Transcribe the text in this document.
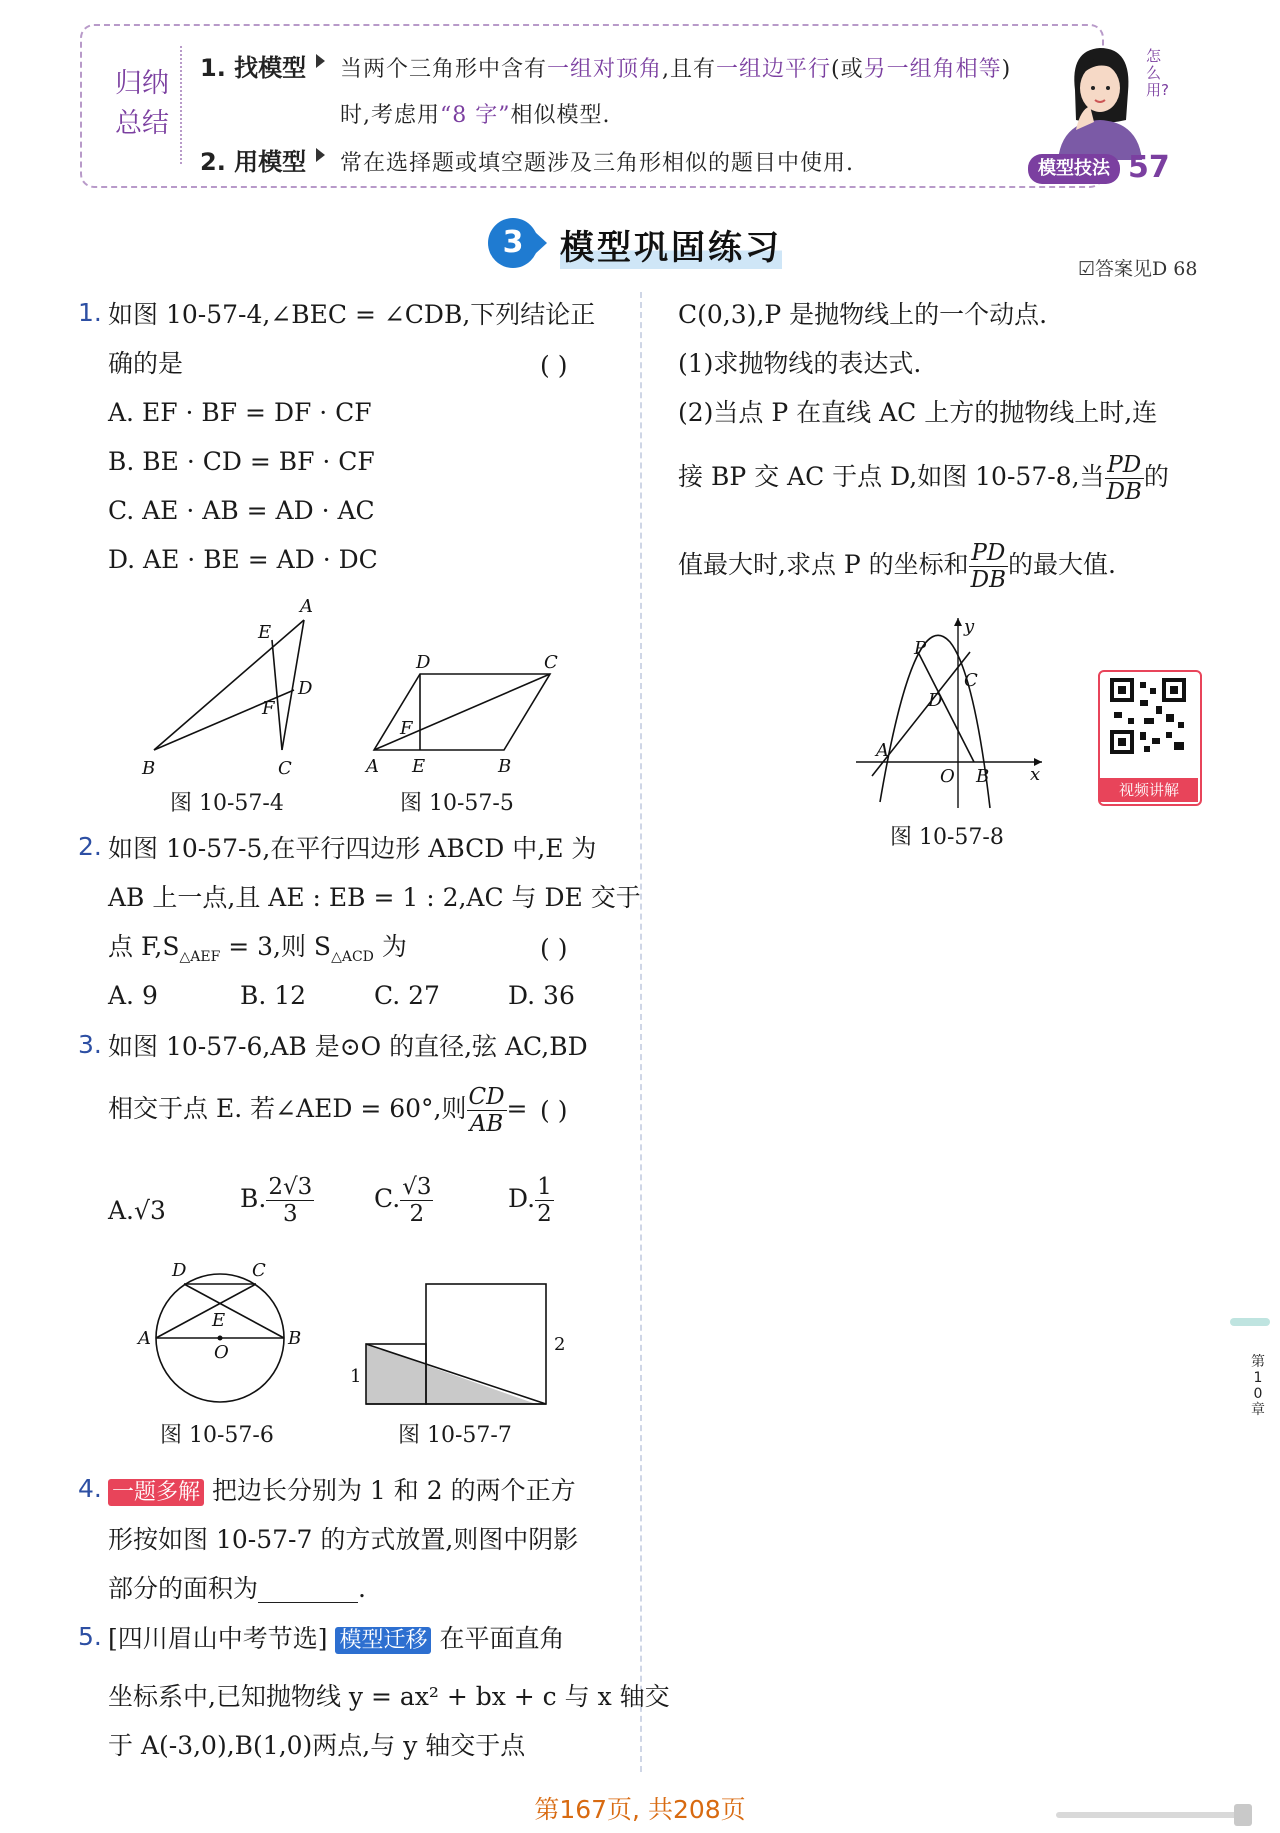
归纳
总结
1. 找模型 当两个三角形中含有一组对顶角,且有一组边平行(或另一组角相等)
时,考虑用“8 字”相似模型.
2. 用模型 常在选择题或填空题涉及三角形相似的题目中使用.
怎么用?
模型技法 57
3	模型巩固练习
☑答案见D 68
1. 如图 10-57-4,∠BEC = ∠CDB,下列结论正
确的是	( )
A. EF · BF = DF · CF
B. BE · CD = BF · CF
C. AE · AB = AD · AC
D. AE · BE = AD · DC
A
B	C
D
E
F
图 10-57-4
D	C
A E	B
F
图 10-57-5
2. 如图 10-57-5,在平行四边形 ABCD 中,E 为
AB 上一点,且 AE : EB = 1 : 2,AC 与 DE 交于
点 $F,S_{\triangle AEF} = 3$,则 $S_{\triangle ACD}$ 为	( )
A. 9	B. 12	C. 27	D. 36
3. 如图 10-57-6,AB 是⊙O 的直径,弦 AC,BD
相交于点 E. 若∠AED = 60°,则 $\frac{CD}{AB}$ = ( )
A.√3	B. $\frac{2√3}{3} C$. $\frac{√3}{2}$	D. $\frac{1}{2}$
D	C
A	B
E
O
图 10-57-6
1
2
图 10-57-7
4. 一题多解 把边长分别为 1 和 2 的两个正方
形按如图 10-57-7 的方式放置,则图中阴影
部分的面积为________.
5. [四川眉山中考节选] 模型迁移 在平面直角
坐标系中,已知抛物线 y = ax² + bx + c 与 x 轴交
于 A(-3,0),B(1,0)两点,与 y 轴交于点
C(0,3),P 是抛物线上的一个动点.
(1)求抛物线的表达式.
(2)当点 P 在直线 AC 上方的抛物线上时,连
接 BP 交 AC 于点 D,如图 10-57-8,当 $\frac{PD}{DB}$ 的
值最大时,求点 P 的坐标和 $\frac{PD}{DB}$ 的最大值.
P
C
D
A
O B x
y
图 10-57-8
视频讲解
第
1
0
章
第167页, 共208页
